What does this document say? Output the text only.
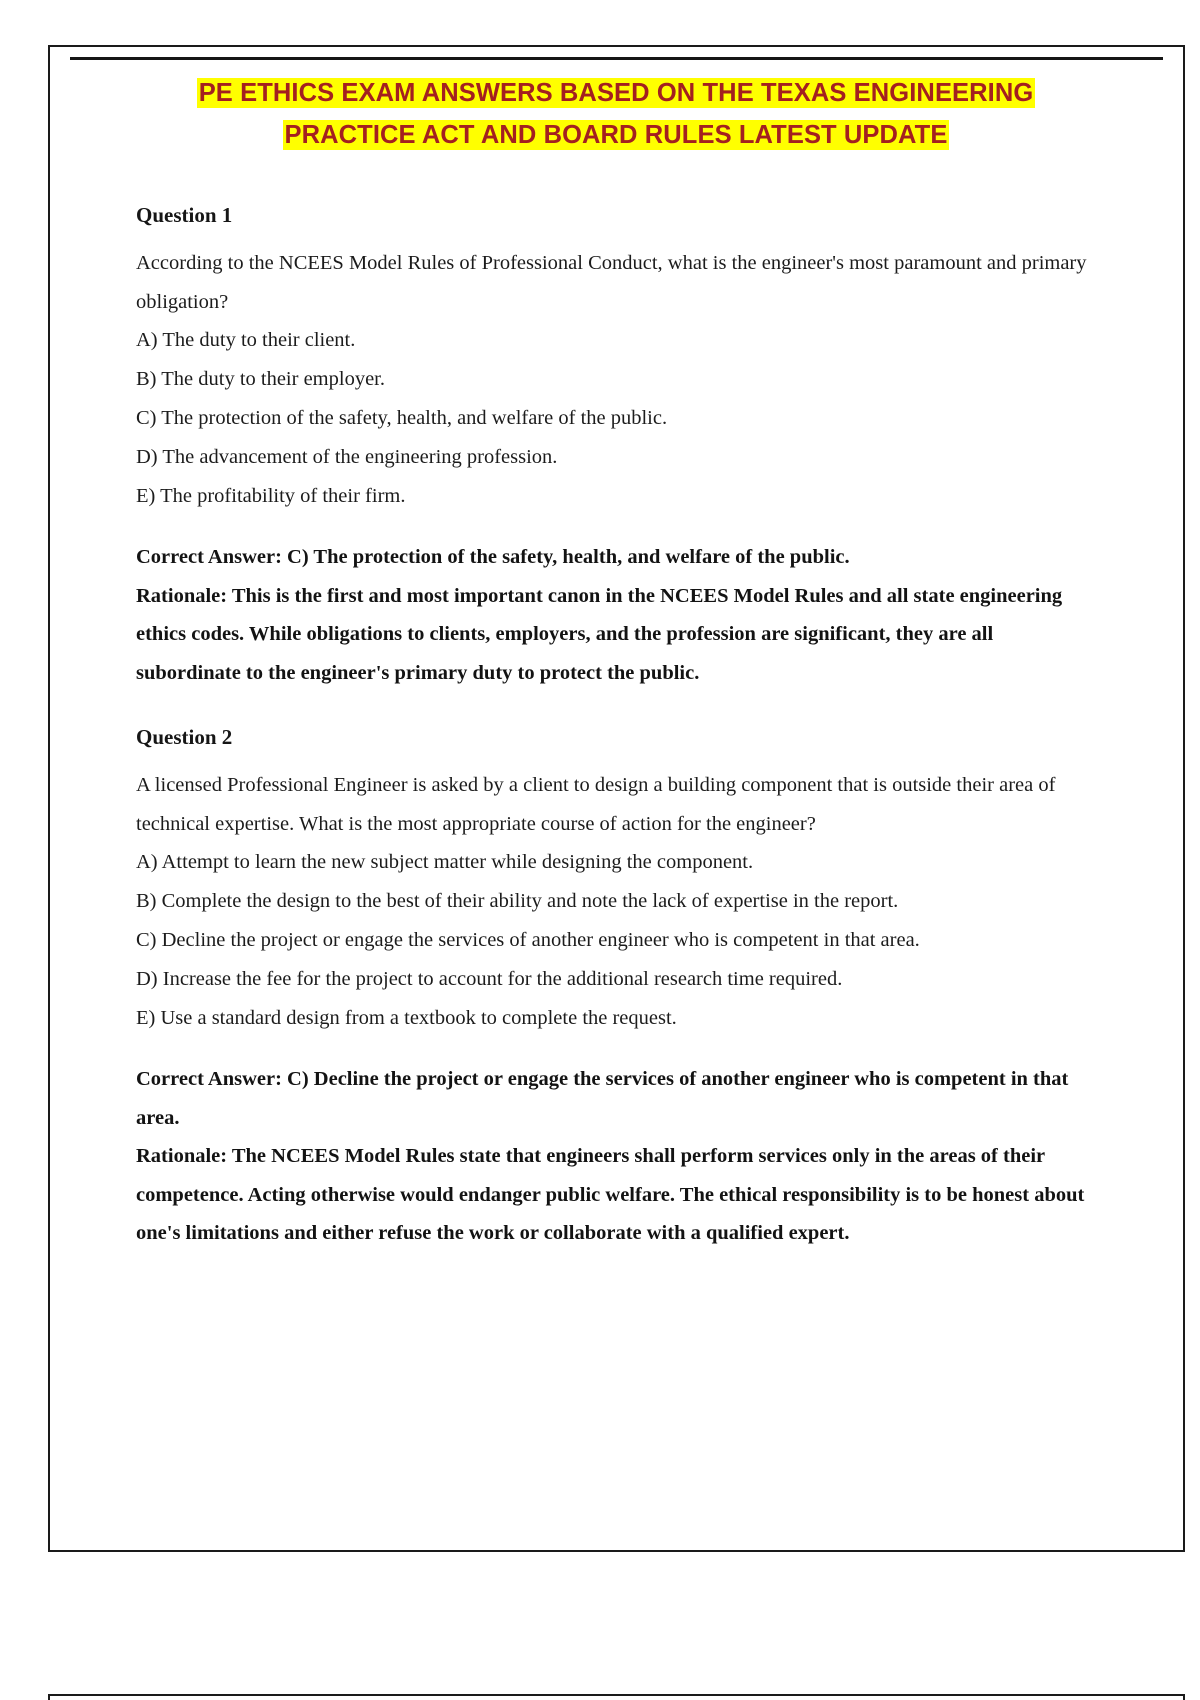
PE ETHICS EXAM ANSWERS BASED ON THE TEXAS ENGINEERING
PRACTICE ACT AND BOARD RULES LATEST UPDATE

Question 1

According to the NCEES Model Rules of Professional Conduct, what is the engineer's most paramount and primary obligation?

A) The duty to their client.

B) The duty to their employer.

C) The protection of the safety, health, and welfare of the public.

D) The advancement of the engineering profession.

E) The profitability of their firm.

Correct Answer: C) The protection of the safety, health, and welfare of the public.

Rationale: This is the first and most important canon in the NCEES Model Rules and all state engineering ethics codes. While obligations to clients, employers, and the profession are significant, they are all subordinate to the engineer's primary duty to protect the public.

Question 2

A licensed Professional Engineer is asked by a client to design a building component that is outside their area of technical expertise. What is the most appropriate course of action for the engineer?

A) Attempt to learn the new subject matter while designing the component.

B) Complete the design to the best of their ability and note the lack of expertise in the report.

C) Decline the project or engage the services of another engineer who is competent in that area.

D) Increase the fee for the project to account for the additional research time required.

E) Use a standard design from a textbook to complete the request.

Correct Answer: C) Decline the project or engage the services of another engineer who is competent in that area.

Rationale: The NCEES Model Rules state that engineers shall perform services only in the areas of their competence. Acting otherwise would endanger public welfare. The ethical responsibility is to be honest about one's limitations and either refuse the work or collaborate with a qualified expert.
